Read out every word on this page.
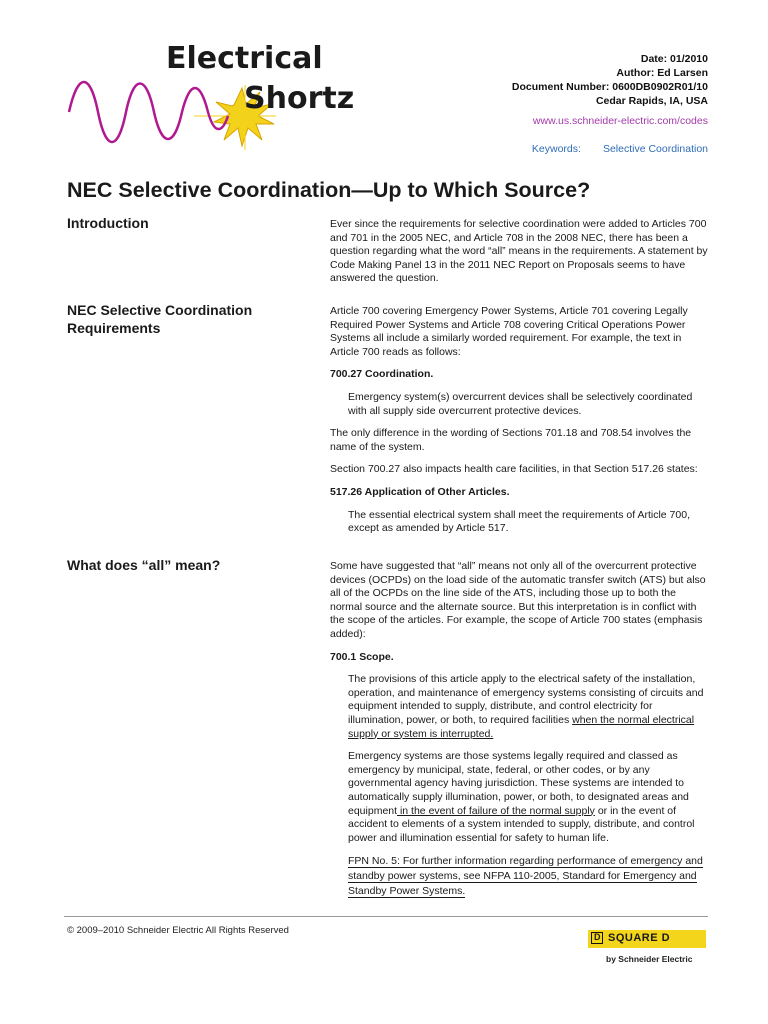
Electrical
Shortz
Date: 01/2010
Author: Ed Larsen
Document Number: 0600DB0902R01/10
Cedar Rapids, IA, USA
www.us.schneider-electric.com/codes
Keywords: Selective Coordination
NEC Selective Coordination—Up to Which Source?
Introduction	Ever since the requirements for selective coordination were added to Articles 700 and 701 in the 2005 NEC, and Article 708 in the 2008 NEC, there has been a question regarding what the word “all” means in the requirements. A statement by Code Making Panel 13 in the 2011 NEC Report on Proposals seems to have answered the question.

NEC Selective Coordination
Requirements

Article 700 covering Emergency Power Systems, Article 701 covering Legally Required Power Systems and Article 708 covering Critical Operations Power Systems all include a similarly worded requirement. For example, the text in Article 700 reads as follows:

700.27 Coordination.

Emergency system(s) overcurrent devices shall be selectively coordinated with all supply side overcurrent protective devices.

The only difference in the wording of Sections 701.18 and 708.54 involves the name of the system.

Section 700.27 also impacts health care facilities, in that Section 517.26 states:

517.26 Application of Other Articles.

The essential electrical system shall meet the requirements of Article 700, except as amended by Article 517.

What does “all” mean?	Some have suggested that “all” means not only all of the overcurrent protective devices (OCPDs) on the load side of the automatic transfer switch (ATS) but also all of the OCPDs on the line side of the ATS, including those up to both the normal source and the alternate source. But this interpretation is in conflict with the scope of the articles. For example, the scope of Article 700 states (emphasis added):

700.1 Scope.

The provisions of this article apply to the electrical safety of the installation, operation, and maintenance of emergency systems consisting of circuits and equipment intended to supply, distribute, and control electricity for illumination, power, or both, to required facilities when the normal electrical supply or system is interrupted.

Emergency systems are those systems legally required and classed as emergency by municipal, state, federal, or other codes, or by any governmental agency having jurisdiction. These systems are intended to automatically supply illumination, power, or both, to designated areas and equipment in the event of failure of the normal supply or in the event of accident to elements of a system intended to supply, distribute, and control power and illumination essential for safety to human life.

FPN No. 5: For further information regarding performance of emergency and standby power systems, see NFPA 110-2005, Standard for Emergency and Standby Power Systems.

© 2009–2010 Schneider Electric All Rights Reserved
D SQUARE D
by Schneider Electric
